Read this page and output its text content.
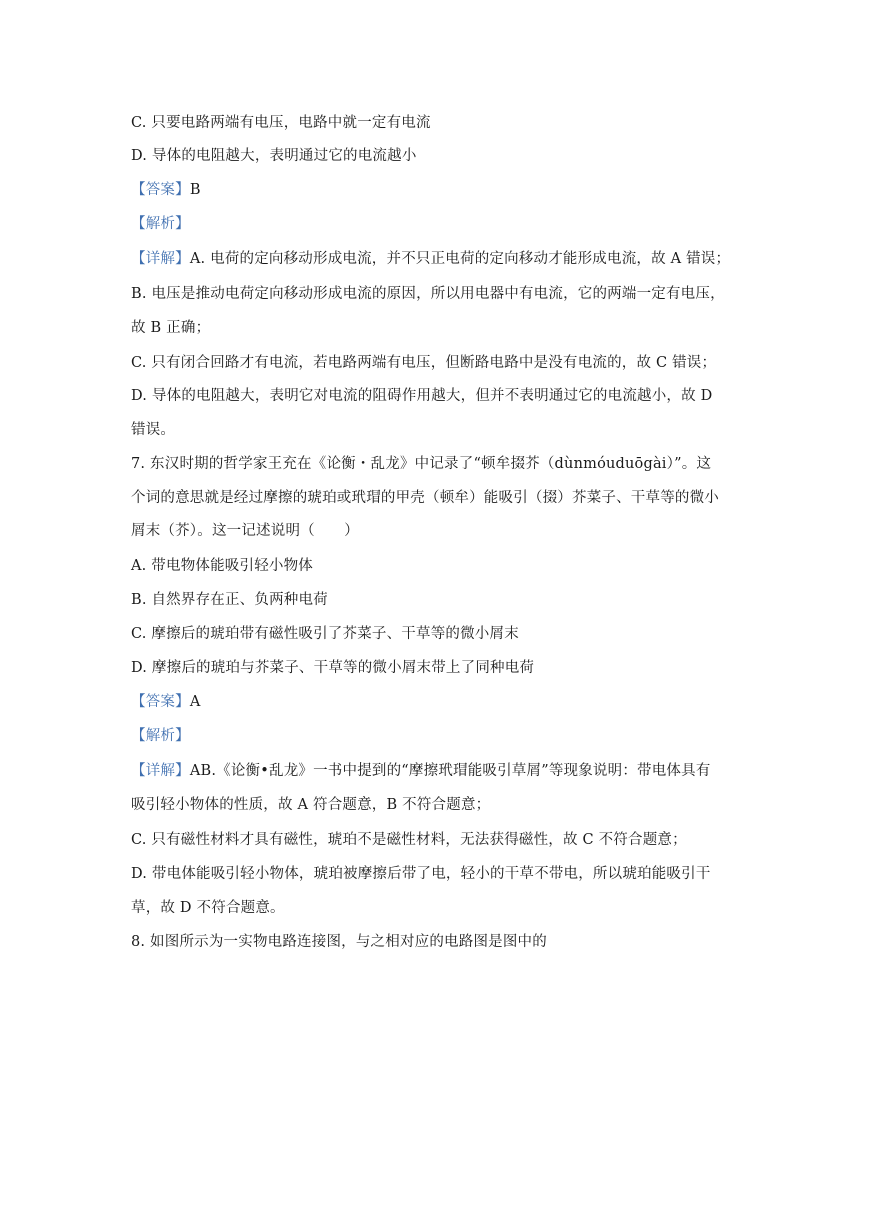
C. 只要电路两端有电压，电路中就一定有电流
D. 导体的电阻越大，表明通过它的电流越小
【答案】B
【解析】
【详解】A. 电荷的定向移动形成电流，并不只正电荷的定向移动才能形成电流，故 A 错误；
B. 电压是推动电荷定向移动形成电流的原因，所以用电器中有电流，它的两端一定有电压，
故 B 正确；
C. 只有闭合回路才有电流，若电路两端有电压，但断路电路中是没有电流的，故 C 错误；
D. 导体的电阻越大，表明它对电流的阻碍作用越大，但并不表明通过它的电流越小，故 D
错误。
7. 东汉时期的哲学家王充在《论衡・乱龙》中记录了“顿牟掇芥（dùnmóuduōgài）”。这
个词的意思就是经过摩擦的琥珀或玳瑁的甲壳（顿牟）能吸引（掇）芥菜子、干草等的微小
屑末（芥）。这一记述说明（　　）
A. 带电物体能吸引轻小物体
B. 自然界存在正、负两种电荷
C. 摩擦后的琥珀带有磁性吸引了芥菜子、干草等的微小屑末
D. 摩擦后的琥珀与芥菜子、干草等的微小屑末带上了同种电荷
【答案】A
【解析】
【详解】AB.《论衡•乱龙》一书中提到的“摩擦玳瑁能吸引草屑”等现象说明：带电体具有
吸引轻小物体的性质，故 A 符合题意，B 不符合题意；
C. 只有磁性材料才具有磁性，琥珀不是磁性材料，无法获得磁性，故 C 不符合题意；
D. 带电体能吸引轻小物体，琥珀被摩擦后带了电，轻小的干草不带电，所以琥珀能吸引干
草，故 D 不符合题意。
8. 如图所示为一实物电路连接图，与之相对应的电路图是图中的
